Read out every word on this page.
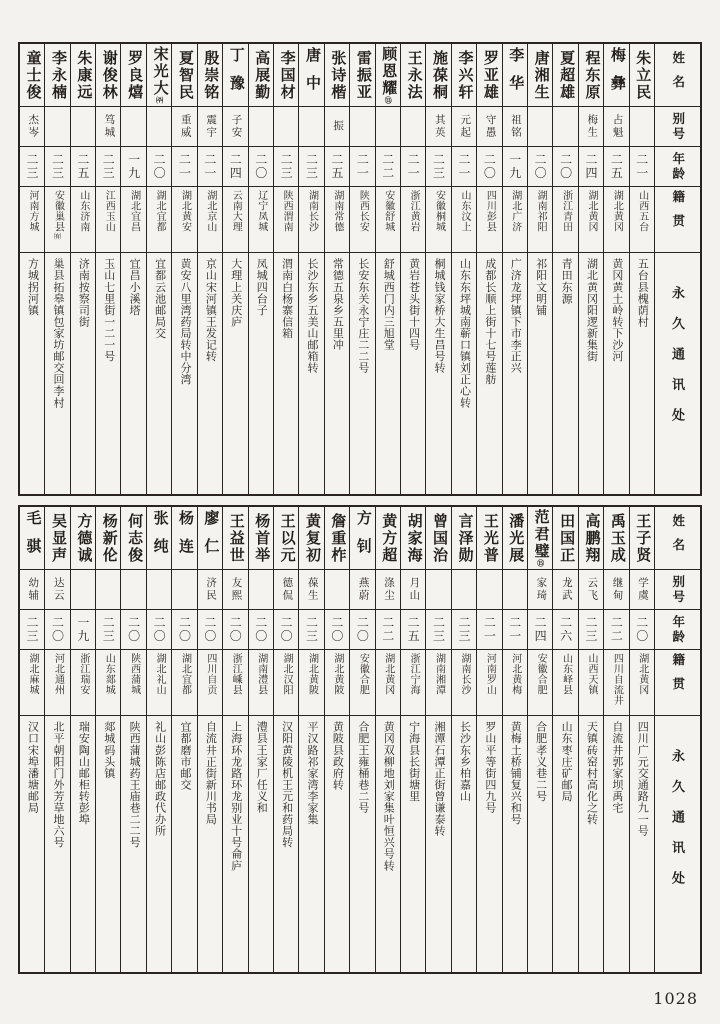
姓名
别号
年龄
籍贯
永久通讯处
朱立民
二一
山西五台
五台县槐荫村
梅彝
占魁
二五
湖北黄冈
黄冈黄土岭转下沙河
程东原
梅生
二四
湖北黄冈
湖北黄冈阳逻新集街
夏超雄
二〇
浙江青田
青田东源
唐湘生
二〇
湖南祁阳
祁阳文明铺
李华
祖铭
一九
湖北广济
广济龙坪镇下市李正兴
罗亚雄
守愚
二〇
四川彭县
成都长顺上街十七号莲舫
李兴轩
元起
二一
山东汶上
山东东坪城南蕲口镇刘正心转
施葆桐
其英
二三
安徽桐城
桐城钱家桥大生昌号转
王永法
二一
浙江黄岩
黄岩苍头街十四号
顾恩耀⑬
二二
安徽舒城
舒城西门内三旭堂
雷振亚
二一
陕西长安
长安东关永宁庄二二号
张诗楷
振
二五
湖南常德
常德五泉乡五里冲
唐中
二三
湖南长沙
长沙东乡五美山邮箱转
李国材
二三
陕西渭南
渭南白杨寨信箱
高展勤
二〇
辽宁凤城
凤城四台子
丁豫
子安
二四
云南大理
大理上关庆庐
殷崇铭
震宇
二一
湖北京山
京山宋河镇王发记转
夏智民
重威
二一
湖北黄安
黄安八里湾药局转中分湾
宋光大㈜
二〇
湖北宜都
宜都云池邮局交
罗良熺
一九
湖北宜昌
宜昌小溪塔
谢俊林
笃城
二三
江西玉山
玉山七里街一二一号
朱康远
二五
山东济南
济南按察司街
李永楠
二三
安徽巢县㈲
巢县拓皋镇包家坊邮交回李村
童士俊
杰岑
二三
河南方城
方城拐河镇
姓名
别号
年龄
籍贯
永久通讯处
王子贤
学虞
二〇
湖北黄冈
四川广元交通路九一号
禹玉成
继甸
二二
四川自流井
自流井郭家坝禹宅
高鹏翔
云飞
二三
山西天镇
天镇砖窑村高化之转
田国正
龙武
二六
山东峄县
山东枣庄矿邮局
范君璧⑮
家琦
二四
安徽合肥
合肥孝义巷二号
潘光展
二一
河北黄梅
黄梅土桥铺复兴和号
王光普
二一
河南罗山
罗山平等街四九号
言泽勋
二三
湖南长沙
长沙东乡柏嘉山
曾国治
二三
湖南湘潭
湘潭石潭正街曾谦泰转
胡家海
月山
二五
浙江宁海
宁海县长街塘里
黄方超
涤尘
二二
湖北黄冈
黄冈双柳地刘家集叶恒兴号转
方钊
燕蔚
二〇
安徽合肥
合肥王雍桶巷二号
詹重柞
二〇
湖北黄陂
黄陂县政府转
黄复初
葆生
二三
湖北黄陂
平汉路祁家湾李家集
王以元
德侃
二〇
湖北汉阳
汉阳黄陵机王元和药局转
杨首举
二〇
湖南澧县
澧县王家厂任义和
王益世
友熙
二〇
浙江嵊县
上海环龙路环龙别业十号侖庐
廖仁
济民
二〇
四川自贡
自流井正街新川书局
杨连
二〇
湖北宜都
宜都磨市邮交
张纯
二〇
湖北礼山
礼山彭陈店邮政代办所
何志俊
二〇
陕西蒲城
陕西蒲城药王庙巷二二号
杨新伦
二三
山东郯城
郯城码头镇
方德诚
一九
浙江瑞安
瑞安陶山邮柜转彭埠
吴显声
达云
二〇
河北通州
北平朝阳门外芳草地六号
毛骐
幼辅
二三
湖北麻城
汉口宋埠潘塘邮局
1028
